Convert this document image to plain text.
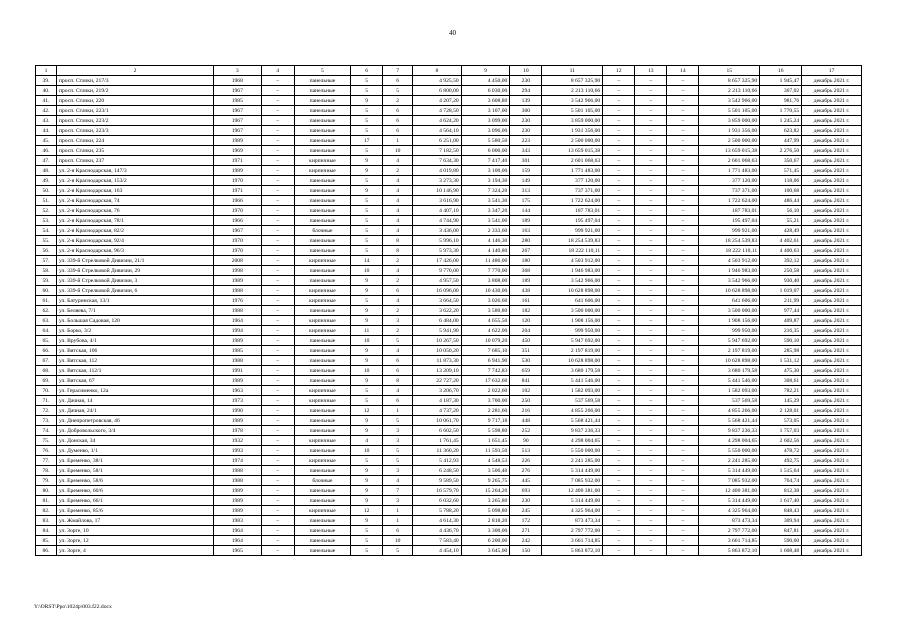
40
1	2	3	4	5	6	7	8	9	10	11	12	13	14	15	16	17
39.	просп. Стачки, 217/3	1968	–	панельные	5	6	4 925,50	4 450,00	230	8 657 325,90	–	–	–	8 657 325,90	1 945,47	декабрь 2021 г.
40.	просп. Стачки, 219/2	1967	–	панельные	5	5	6 800,00	6 030,00	294	2 213 110,66	–	–	–	2 213 110,66	367,02	декабрь 2021 г.
41.	просп. Стачки, 220	1985	–	панельные	9	2	4 207,20	3 608,80	139	3 542 966,00	–	–	–	3 542 966,00	981,76	декабрь 2021 г.
42.	просп. Стачки, 223/1	1967	–	панельные	5	6	4 728,50	3 107,00	300	5 501 105,00	–	–	–	5 501 105,00	1 770,55	декабрь 2021 г.
43.	просп. Стачки, 223/2	1967	–	панельные	5	6	4 624,20	3 099,00	230	3 859 000,00	–	–	–	3 859 000,00	1 245,24	декабрь 2021 г.
44.	просп. Стачки, 223/3	1967	–	панельные	5	6	4 564,10	3 096,00	230	1 931 356,00	–	–	–	1 931 356,00	623,82	декабрь 2021 г.
45.	просп. Стачки, 224	1989	–	панельные	17	1	6 251,00	5 580,50	223	2 500 000,00	–	–	–	2 500 000,00	447,99	декабрь 2021 г.
46.	просп. Стачки, 235	1969	–	панельные	5	10	7 182,50	6 000,00	343	13 659 015,38	–	–	–	13 659 015,38	2 276,50	декабрь 2021 г.
47.	просп. Стачки, 237	1971	–	кирпичные	9	4	7 634,30	7 417,40	301	2 601 068,63	–	–	–	2 601 068,63	350,67	декабрь 2021 г.
48.	ул. 2-я Краснодарская, 147/3	1989	–	кирпичные	9	2	4 019,80	3 100,00	159	1 771 483,00	–	–	–	1 771 483,00	571,45	декабрь 2021 г.
49.	ул. 2-я Краснодарская, 153/2	1970	–	панельные	5	4	3 273,30	3 194,30	149	377 120,00	–	–	–	377 120,00	118,06	декабрь 2021 г.
50.	ул. 2-я Краснодарская, 163	1971	–	панельные	9	4	10 146,90	7 324,20	313	737 371,00	–	–	–	737 371,00	100,68	декабрь 2021 г.
51.	ул. 2-я Краснодарская, 74	1966	–	панельные	5	4	3 616,90	3 541,30	175	1 722 624,00	–	–	–	1 722 624,00	486,44	декабрь 2021 г.
52.	ул. 2-я Краснодарская, 76	1970	–	панельные	5	4	4 407,10	3 347,20	144	187 783,01	–	–	–	187 783,01	56,10	декабрь 2021 г.
53.	ул. 2-я Краснодарская, 78/1	1966	–	панельные	5	4	4 744,90	3 541,00	189	195 497,04	–	–	–	195 497,04	55,21	декабрь 2021 г.
54.	ул. 2-я Краснодарская, 82/2	1967	–	блочные	5	4	3 436,00	2 333,60	163	999 921,00	–	–	–	999 921,00	428,49	декабрь 2021 г.
55.	ул. 2-я Краснодарская, 92/4	1970	–	панельные	5	8	5 996,10	4 146,30	280	18 254 539,83	–	–	–	18 254 539,83	4 402,61	декабрь 2021 г.
56.	ул. 2-я Краснодарская, 96/3	1970	–	панельные	5	8	5 973,30	4 140,80	267	18 222 110,11	–	–	–	18 222 110,11	4 400,63	декабрь 2021 г.
57.	ул. 339-й Стрелковой Дивизии, 21/1	2008	–	кирпичные	14	2	17 426,00	11 486,00	180	4 503 912,00	–	–	–	4 503 912,00	392,12	декабрь 2021 г.
58.	ул. 339-й Стрелковой Дивизии, 29	1998	–	панельные	10	4	9 770,00	7 770,00	368	1 946 983,00	–	–	–	1 946 983,00	250,58	декабрь 2021 г.
59.	ул. 339-й Стрелковой Дивизии, 3	1989	–	панельные	9	2	4 957,50	3 808,00	189	3 542 966,00	–	–	–	3 542 966,00	930,40	декабрь 2021 г.
60.	ул. 339-й Стрелковой Дивизии, 6	1988	–	кирпичные	9	6	16 096,00	10 430,00	438	10 628 898,00	–	–	–	10 628 898,00	1 019,07	декабрь 2021 г.
61.	ул. Батуринская, 13/1	1976	–	кирпичные	5	4	3 664,50	3 026,60	161	641 606,00	–	–	–	641 606,00	211,99	декабрь 2021 г.
62.	ул. Беляева, 7/1	1988	–	панельные	9	2	3 622,20	3 580,80	182	3 500 000,00	–	–	–	3 500 000,00	977,44	декабрь 2021 г.
63.	ул. Большая Садовая, 120	1964	–	кирпичные	9	3	6 484,00	4 655,50	120	1 908 156,00	–	–	–	1 908 156,00	409,87	декабрь 2021 г.
64.	ул. Борко, 3/2	1994	–	кирпичные	11	2	5 941,90	4 622,00	204	999 950,00	–	–	–	999 950,00	216,35	декабрь 2021 г.
65.	ул. Врубова, 4/1	1989	–	панельные	10	5	10 267,50	10 079,20	450	5 947 692,00	–	–	–	5 947 692,00	590,10	декабрь 2021 г.
66.	ул. Вятская, 106	1985	–	панельные	9	4	10 050,20	7 685,10	351	2 197 819,00	–	–	–	2 197 819,00	285,98	декабрь 2021 г.
67.	ул. Вятская, 112	1988	–	панельные	9	6	11 873,30	6 941,90	530	10 628 898,00	–	–	–	10 628 898,00	1 531,12	декабрь 2021 г.
68.	ул. Вятская, 112/1	1991	–	панельные	10	6	13 209,10	7 742,83	659	3 680 179,58	–	–	–	3 680 179,58	475,30	декабрь 2021 г.
69.	ул. Вятская, 67	1989	–	панельные	9	8	22 727,20	17 632,60	841	5 441 546,00	–	–	–	5 441 546,00	308,61	декабрь 2021 г.
70.	ул. Герасименко, 12а	1963	–	кирпичные	5	4	3 206,70	2 022,60	102	1 582 093,00	–	–	–	1 582 093,00	782,21	декабрь 2021 г.
71.	ул. Дачная, 14	1973	–	кирпичные	5	6	4 187,30	3 700,00	250	537 569,58	–	–	–	537 569,58	145,29	декабрь 2021 г.
72.	ул. Дачная, 24/1	1990	–	панельные	12	1	4 737,20	2 281,60	216	4 855 266,00	–	–	–	4 855 266,00	2 128,01	декабрь 2021 г.
73.	ул. Днепропетровская, 46	1989	–	панельные	9	5	10 061,70	9 717,18	448	5 568 421,44	–	–	–	5 568 421,44	573,05	декабрь 2021 г.
74.	ул. Добровольского, 3/4	1978	–	панельные	9	3	6 602,50	5 598,80	252	9 837 236,33	–	–	–	9 837 236,33	1 757,03	декабрь 2021 г.
75.	ул. Донская, 34	1932	–	кирпичные	4	3	1 761,45	1 651,45	90	4 298 004,65	–	–	–	4 298 004,65	2 602,56	декабрь 2021 г.
76.	ул. Думенко, 1/1	1993	–	панельные	10	5	11 360,20	11 593,50	513	5 550 000,00	–	–	–	5 550 000,00	478,72	декабрь 2021 г.
77.	ул. Еременко, 38/1	1974	–	кирпичные	5	5	5 412,93	4 548,53	226	2 241 285,00	–	–	–	2 241 285,00	492,75	декабрь 2021 г.
78.	ул. Еременко, 58/1	1988	–	панельные	9	3	6 248,50	3 506,40	276	5 314 449,00	–	–	–	5 314 449,00	1 515,64	декабрь 2021 г.
79.	ул. Еременко, 58/6	1988	–	блочные	9	4	9 589,50	9 265,75	445	7 085 932,00	–	–	–	7 085 932,00	764,74	декабрь 2021 г.
80.	ул. Еременко, 60/6	1989	–	панельные	9	7	16 579,70	15 264,20	693	12 400 381,00	–	–	–	12 400 381,00	812,38	декабрь 2021 г.
81.	ул. Еременко, 66/1	1989	–	панельные	9	3	6 032,60	3 265,80	230	5 314 449,00	–	–	–	5 314 449,00	1 617,40	декабрь 2021 г.
82.	ул. Еременко, 85/6	1989	–	кирпичные	12	1	5 788,20	5 098,80	245	4 325 964,00	–	–	–	4 325 964,00	848,43	декабрь 2021 г.
83.	ул. Жмайлова, 17	1983	–	панельные	9	1	4 614,30	2 818,20	172	873 473,34	–	–	–	873 473,34	309,94	декабрь 2021 г.
84.	ул. Зорге, 10	1964	–	панельные	5	6	4 436,70	3 300,00	271	2 797 772,00	–	–	–	2 797 772,00	847,81	декабрь 2021 г.
85.	ул. Зорге, 12	1964	–	панельные	5	10	7 583,40	6 200,00	242	3 661 714,85	–	–	–	3 661 714,85	590,60	декабрь 2021 г.
86.	ул. Зорге, 4	1965	–	панельные	5	5	4 454,10	3 645,00	150	5 863 872,10	–	–	–	5 863 872,10	1 608,48	декабрь 2021 г.
Y:\ORST\Ppo\1024p\003.f22.docx
